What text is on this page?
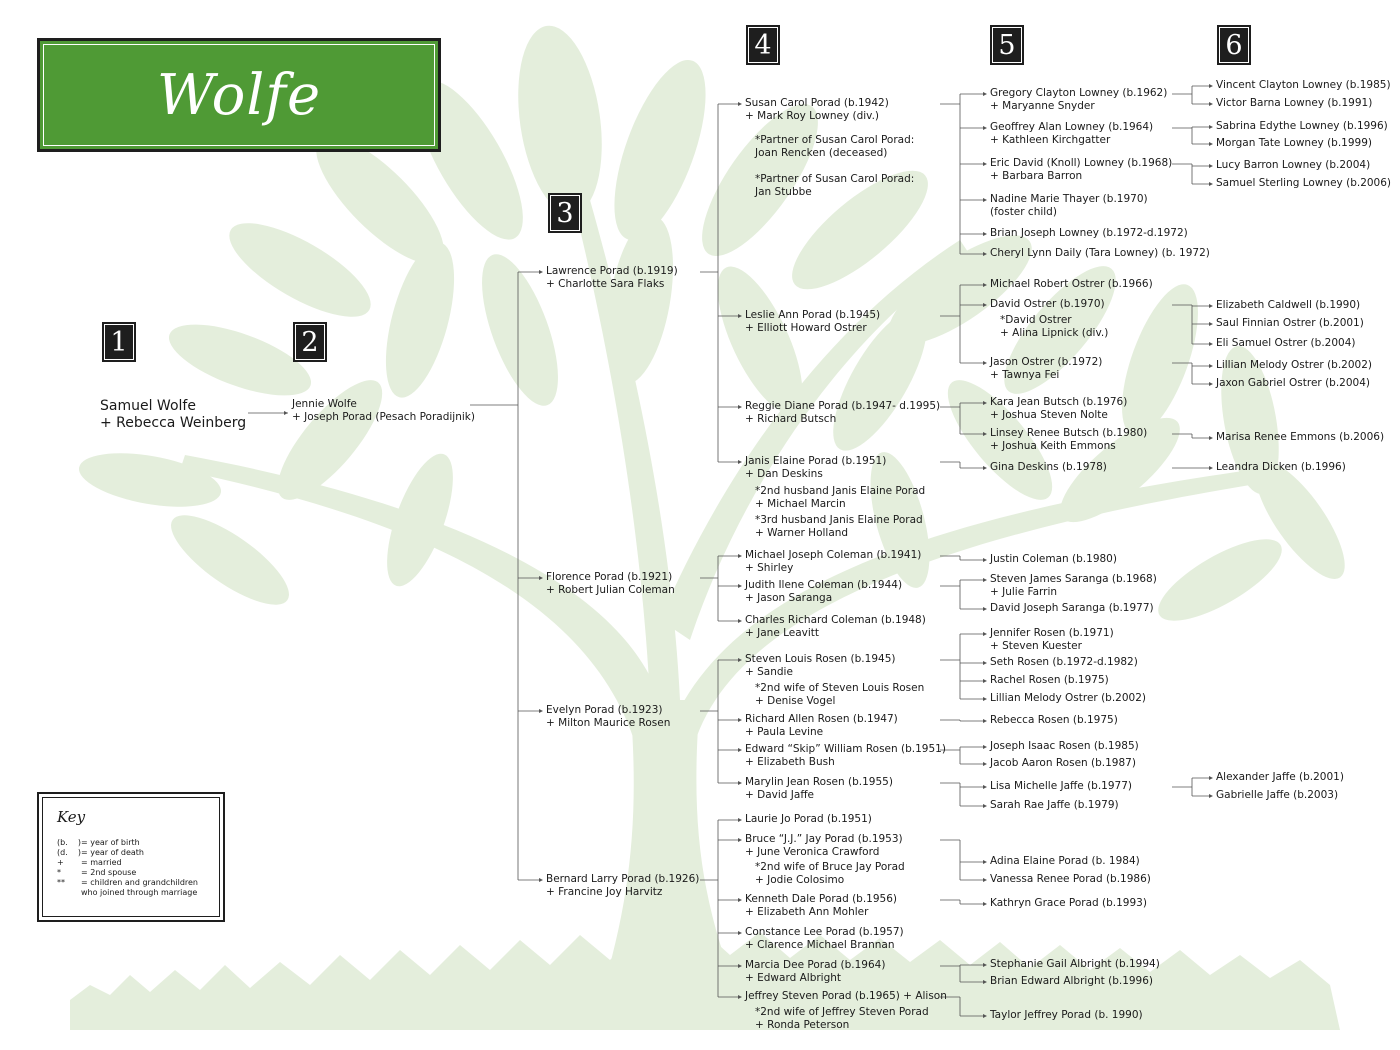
Wolfe
1	2
3
4	5	6
Samuel Wolfe
+ Rebecca Weinberg
Jennie Wolfe
+ Joseph Porad (Pesach Poradijnik)
Lawrence Porad (b.1919)
+ Charlotte Sara Flaks
Florence Porad (b.1921)
+ Robert Julian Coleman
Evelyn Porad (b.1923)
+ Milton Maurice Rosen
Bernard Larry Porad (b.1926)
+ Francine Joy Harvitz
Susan Carol Porad (b.1942)
+ Mark Roy Lowney (div.)
*Partner of Susan Carol Porad:
Joan Rencken (deceased)
*Partner of Susan Carol Porad:
Jan Stubbe
Leslie Ann Porad (b.1945)
+ Elliott Howard Ostrer
Reggie Diane Porad (b.1947- d.1995)
+ Richard Butsch
Janis Elaine Porad (b.1951)
+ Dan Deskins
*2nd husband Janis Elaine Porad
+ Michael Marcin
*3rd husband Janis Elaine Porad
+ Warner Holland
Michael Joseph Coleman (b.1941)
+ Shirley
Judith Ilene Coleman (b.1944)
+ Jason Saranga
Charles Richard Coleman (b.1948)
+ Jane Leavitt
Steven Louis Rosen (b.1945)
+ Sandie
*2nd wife of Steven Louis Rosen
+ Denise Vogel
Richard Allen Rosen (b.1947)
+ Paula Levine
Edward “Skip” William Rosen (b.1951)
+ Elizabeth Bush
Marylin Jean Rosen (b.1955)
+ David Jaffe
Laurie Jo Porad (b.1951)
Bruce “J.J.” Jay Porad (b.1953)
+ June Veronica Crawford
*2nd wife of Bruce Jay Porad
+ Jodie Colosimo
Kenneth Dale Porad (b.1956)
+ Elizabeth Ann Mohler
Constance Lee Porad (b.1957)
+ Clarence Michael Brannan
Marcia Dee Porad (b.1964)
+ Edward Albright
Jeffrey Steven Porad (b.1965) + Alison
*2nd wife of Jeffrey Steven Porad
+ Ronda Peterson
Gregory Clayton Lowney (b.1962)
+ Maryanne Snyder
Geoffrey Alan Lowney (b.1964)
+ Kathleen Kirchgatter
Eric David (Knoll) Lowney (b.1968)
+ Barbara Barron
Nadine Marie Thayer (b.1970)
(foster child)
Brian Joseph Lowney (b.1972-d.1972)
Cheryl Lynn Daily (Tara Lowney) (b. 1972)
Michael Robert Ostrer (b.1966)
David Ostrer (b.1970)
*David Ostrer
+ Alina Lipnick (div.)
Jason Ostrer (b.1972)
+ Tawnya Fei
Kara Jean Butsch (b.1976)
+ Joshua Steven Nolte
Linsey Renee Butsch (b.1980)
+ Joshua Keith Emmons
Gina Deskins (b.1978)
Justin Coleman (b.1980)
Steven James Saranga (b.1968)
+ Julie Farrin
David Joseph Saranga (b.1977)
Jennifer Rosen (b.1971)
+ Steven Kuester
Seth Rosen (b.1972-d.1982)
Rachel Rosen (b.1975)
Lillian Melody Ostrer (b.2002)
Rebecca Rosen (b.1975)
Joseph Isaac Rosen (b.1985)
Jacob Aaron Rosen (b.1987)
Lisa Michelle Jaffe (b.1977)
Sarah Rae Jaffe (b.1979)
Adina Elaine Porad (b. 1984)
Vanessa Renee Porad (b.1986)
Kathryn Grace Porad (b.1993)
Stephanie Gail Albright (b.1994)
Brian Edward Albright (b.1996)
Taylor Jeffrey Porad (b. 1990)
Vincent Clayton Lowney (b.1985)
Victor Barna Lowney (b.1991)
Sabrina Edythe Lowney (b.1996)
Morgan Tate Lowney (b.1999)
Lucy Barron Lowney (b.2004)
Samuel Sterling Lowney (b.2006)
Elizabeth Caldwell (b.1990)
Saul Finnian Ostrer (b.2001)
Eli Samuel Ostrer (b.2004)
Lillian Melody Ostrer (b.2002)
Jaxon Gabriel Ostrer (b.2004)
Marisa Renee Emmons (b.2006)
Leandra Dicken (b.1996)
Alexander Jaffe (b.2001)
Gabrielle Jaffe (b.2003)
Key
(b.    ) = year of birth
(d.    ) = year of death
+	= married
*	= 2nd spouse
**	= children and grandchildren
who joined through marriage
